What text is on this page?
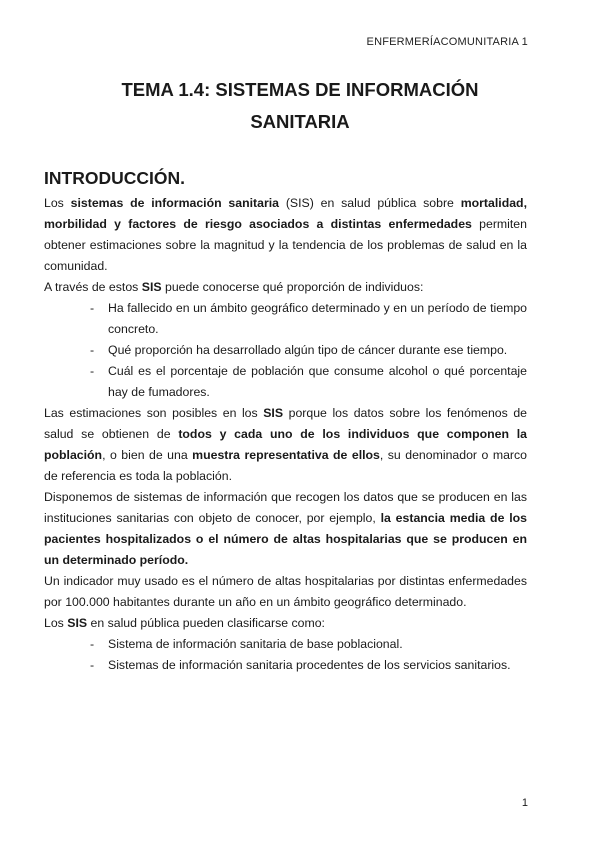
ENFERMERÍACOMUNITARIA 1
TEMA 1.4: SISTEMAS DE INFORMACIÓN
SANITARIA
INTRODUCCIÓN.

Los sistemas de información sanitaria (SIS) en salud pública sobre mortalidad, morbilidad y factores de riesgo asociados a distintas enfermedades permiten obtener estimaciones sobre la magnitud y la tendencia de los problemas de salud en la comunidad.

A través de estos SIS puede conocerse qué proporción de individuos:

- Ha fallecido en un ámbito geográfico determinado y en un período de tiempo concreto.
- Qué proporción ha desarrollado algún tipo de cáncer durante ese tiempo.
- Cuál es el porcentaje de población que consume alcohol o qué porcentaje hay de fumadores.

Las estimaciones son posibles en los SIS porque los datos sobre los fenómenos de salud se obtienen de todos y cada uno de los individuos que componen la población, o bien de una muestra representativa de ellos, su denominador o marco de referencia es toda la población.

Disponemos de sistemas de información que recogen los datos que se producen en las instituciones sanitarias con objeto de conocer, por ejemplo, la estancia media de los pacientes hospitalizados o el número de altas hospitalarias que se producen en un determinado período.

Un indicador muy usado es el número de altas hospitalarias por distintas enfermedades por 100.000 habitantes durante un año en un ámbito geográfico determinado.

Los SIS en salud pública pueden clasificarse como:

- Sistema de información sanitaria de base poblacional.
- Sistemas de información sanitaria procedentes de los servicios sanitarios.
1
